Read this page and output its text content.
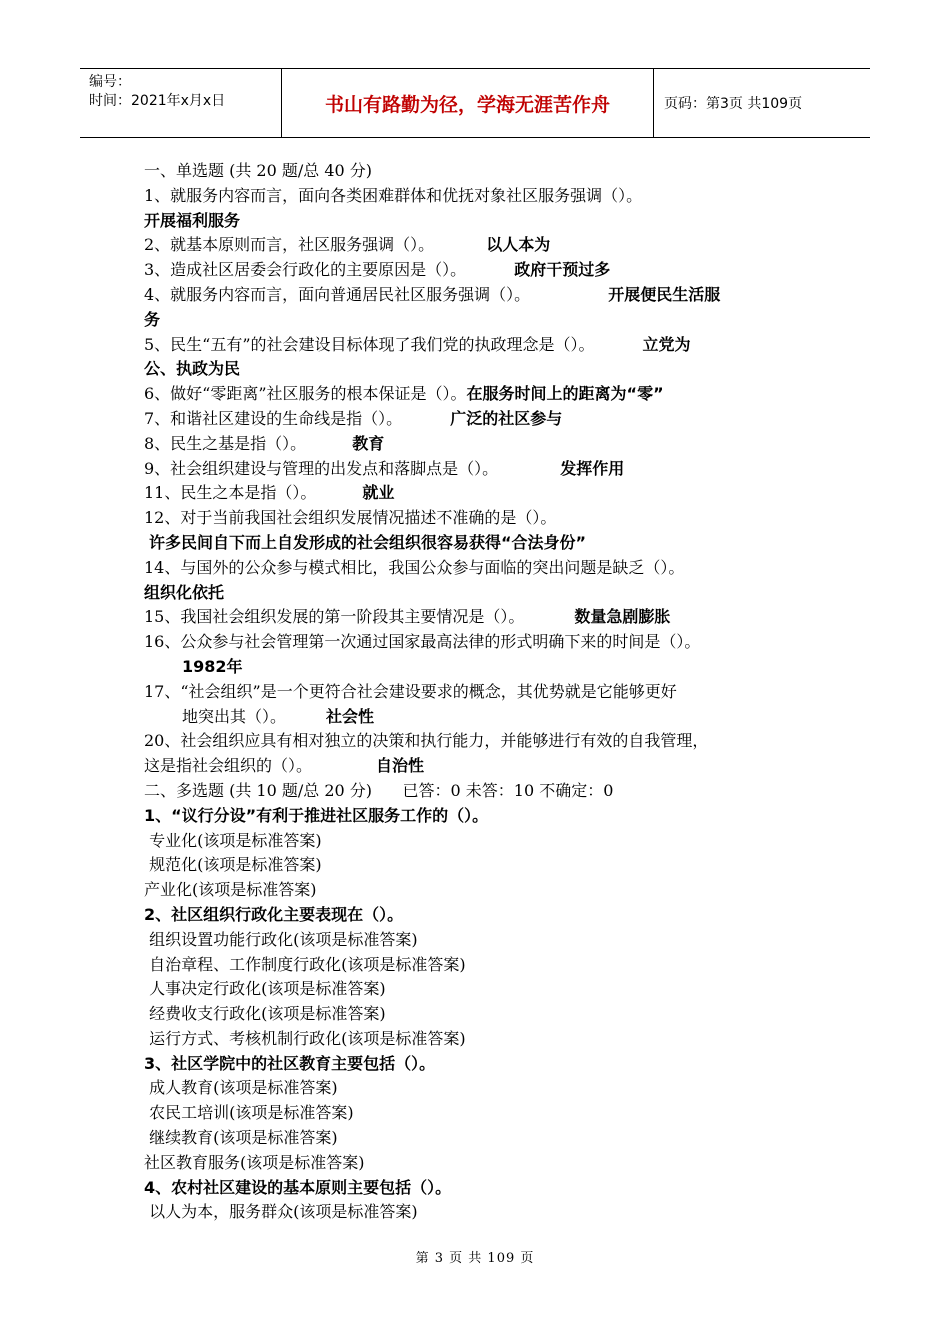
编号：
时间：2021年x月x日	书山有路勤为径，学海无涯苦作舟	页码：第3页 共109页
一、单选题 (共 20 题/总 40 分)
1、就服务内容而言，面向各类困难群体和优抚对象社区服务强调（）。
开展福利服务
2、就基本原则而言，社区服务强调（）。	以人本为
3、造成社区居委会行政化的主要原因是（）。	政府干预过多
4、就服务内容而言，面向普通居民社区服务强调（）。	开展便民生活服
务
5、民生“五有”的社会建设目标体现了我们党的执政理念是（）。	立党为
公、执政为民
6、做好“零距离”社区服务的根本保证是（）。在服务时间上的距离为“零”
7、和谐社区建设的生命线是指（）。	广泛的社区参与
8、民生之基是指（）。	教育
9、社会组织建设与管理的出发点和落脚点是（）。	发挥作用
11、民生之本是指（）。	就业
12、对于当前我国社会组织发展情况描述不准确的是（）。
许多民间自下而上自发形成的社会组织很容易获得“合法身份”
14、与国外的公众参与模式相比，我国公众参与面临的突出问题是缺乏（）。
组织化依托
15、我国社会组织发展的第一阶段其主要情况是（）。	数量急剧膨胀
16、公众参与社会管理第一次通过国家最高法律的形式明确下来的时间是（）。
1982年
17、“社会组织”是一个更符合社会建设要求的概念，其优势就是它能够更好
地突出其（）。	社会性
20、社会组织应具有相对独立的决策和执行能力，并能够进行有效的自我管理，
这是指社会组织的（）。	自治性
二、多选题 (共 10 题/总 20 分)      已答：0 未答：10 不确定：0
1、“议行分设”有利于推进社区服务工作的（）。
专业化(该项是标准答案)
规范化(该项是标准答案)
产业化(该项是标准答案)
2、社区组织行政化主要表现在（）。
组织设置功能行政化(该项是标准答案)
自治章程、工作制度行政化(该项是标准答案)
人事决定行政化(该项是标准答案)
经费收支行政化(该项是标准答案)
运行方式、考核机制行政化(该项是标准答案)
3、社区学院中的社区教育主要包括（）。
成人教育(该项是标准答案)
农民工培训(该项是标准答案)
继续教育(该项是标准答案)
社区教育服务(该项是标准答案)
4、农村社区建设的基本原则主要包括（）。
以人为本，服务群众(该项是标准答案)
第 3 页 共 109 页
